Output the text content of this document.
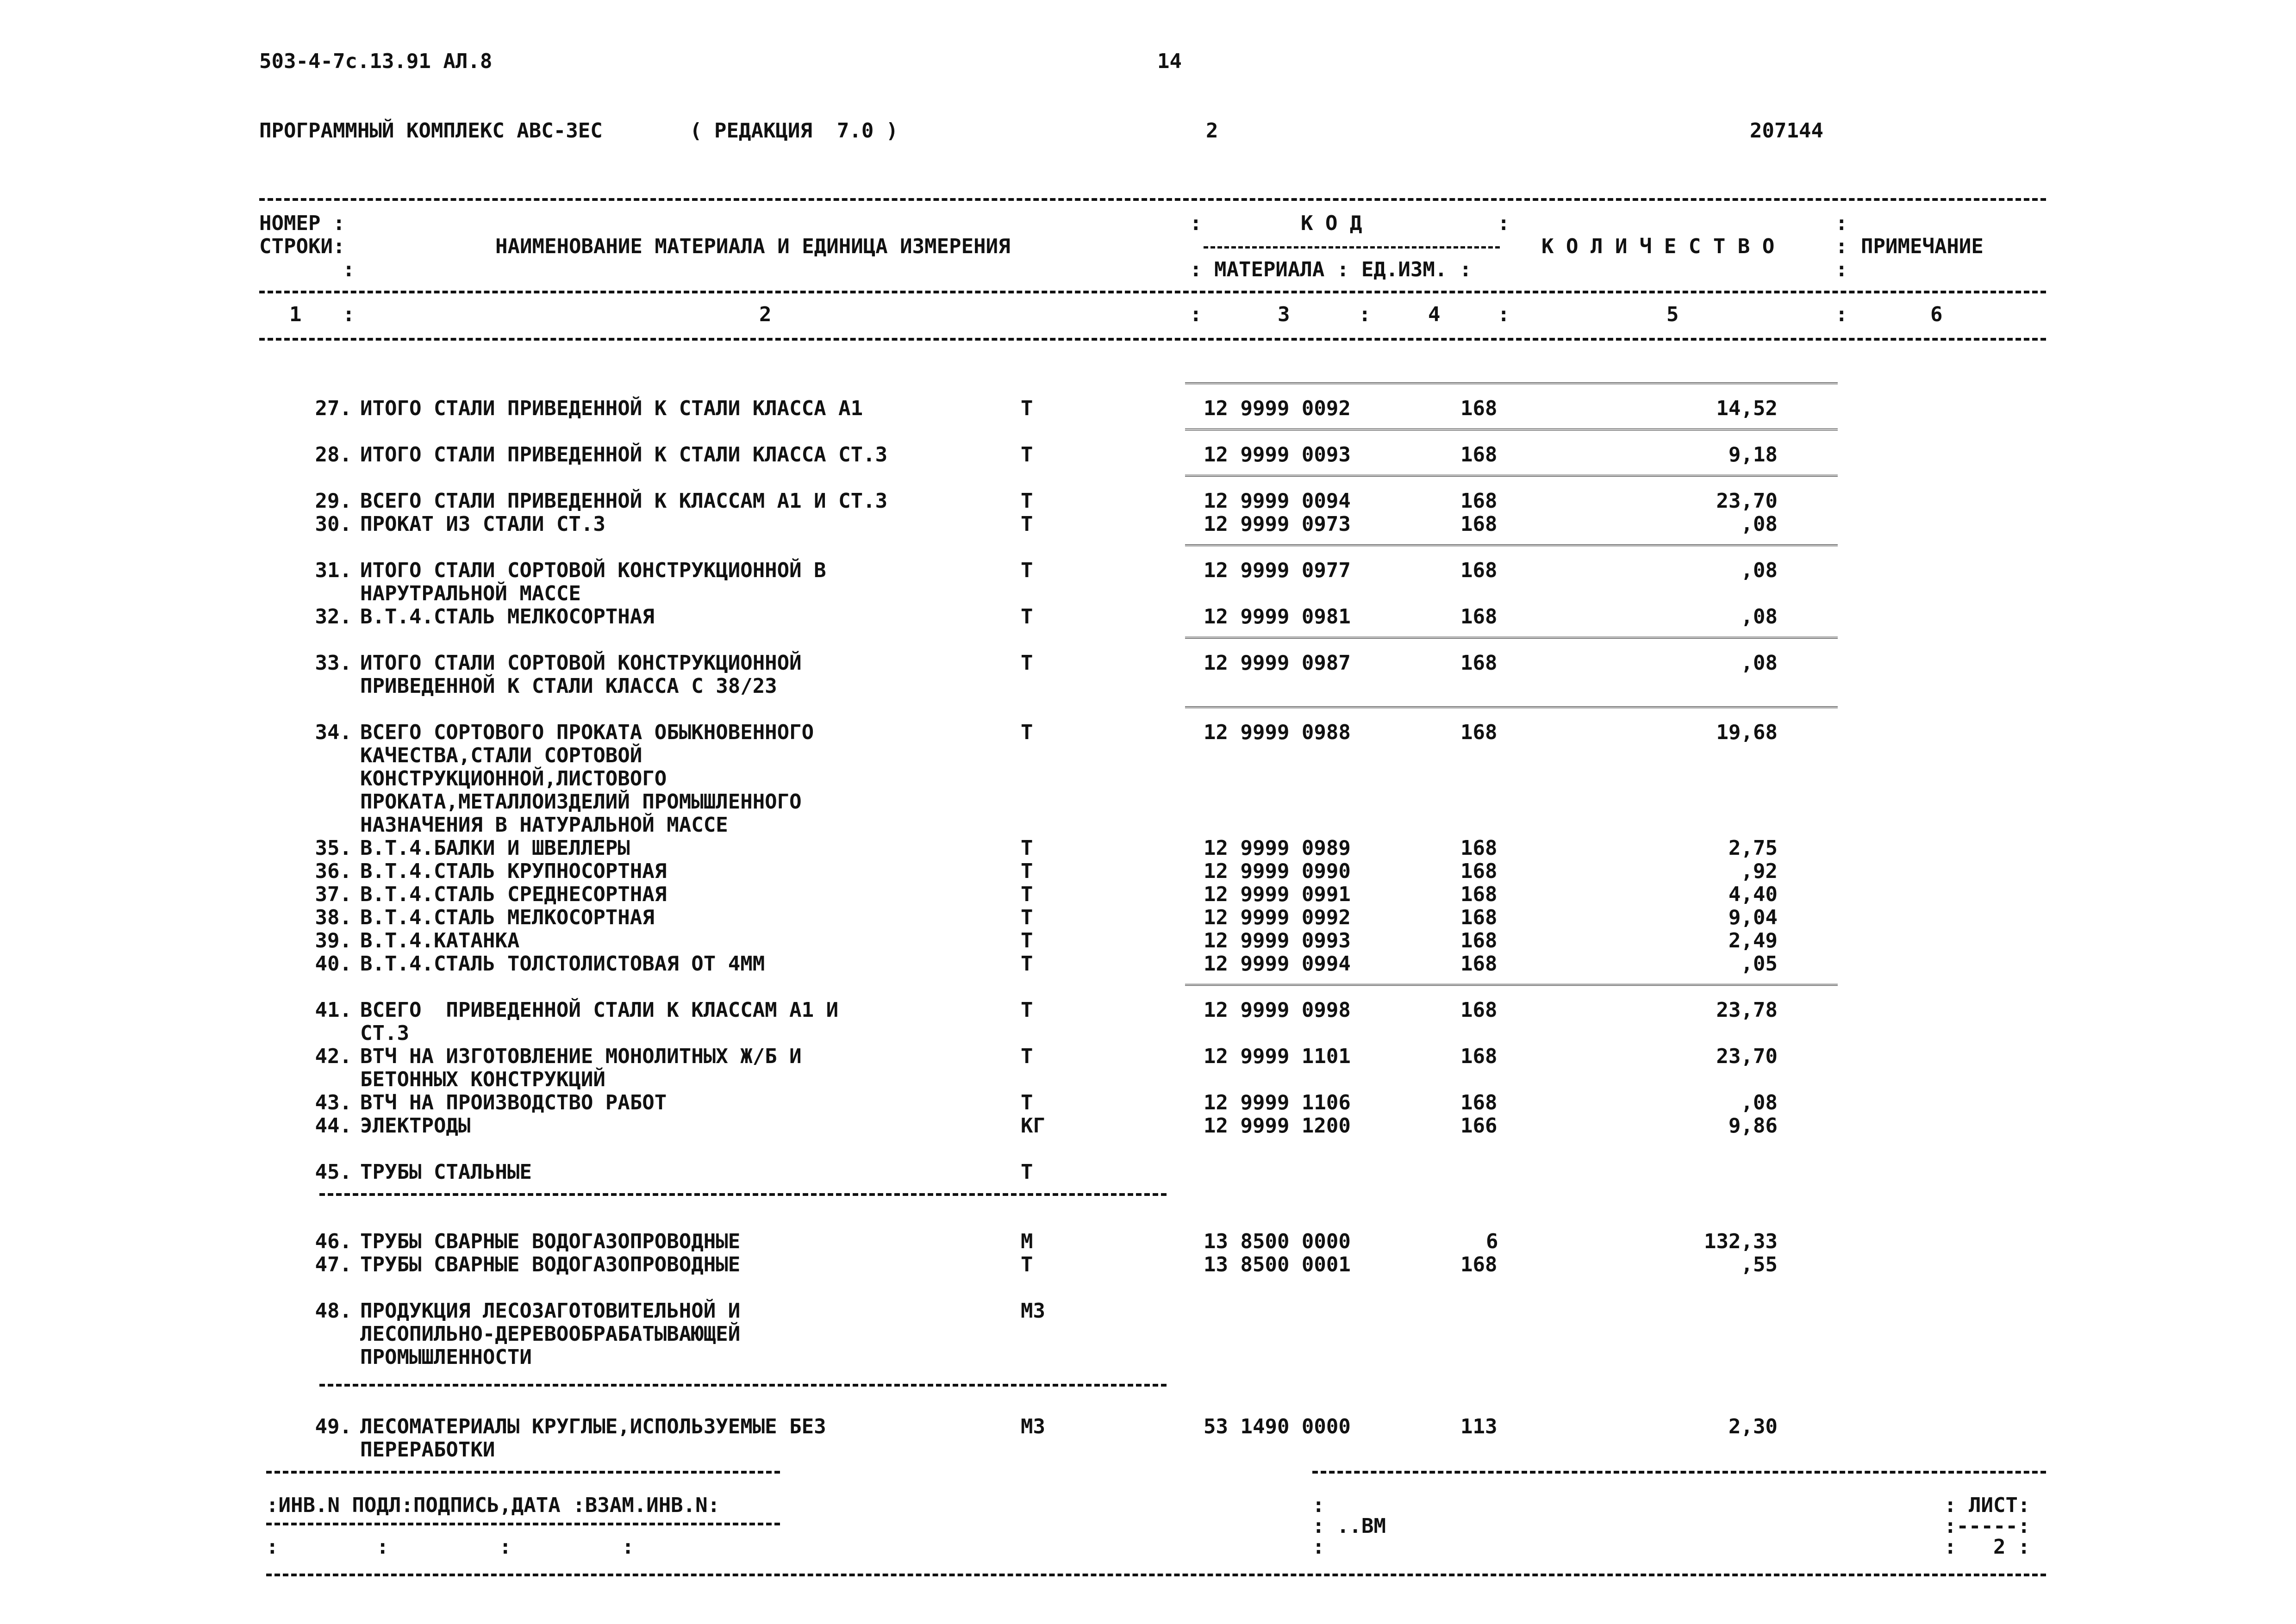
503-4-7с.13.91 АЛ.8	14
ПРОГРАММНЫЙ КОМПЛЕКС АВС-3ЕС	( РЕДАКЦИЯ  7.0 )	2	207144
НОМЕР :
СТРОКИ:
:
НАИМЕНОВАНИЕ МАТЕРИАЛА И ЕДИНИЦА ИЗМЕРЕНИЯ
:	К О Д	:
: МАТЕРИАЛА : ЕД.ИЗМ. :
К О Л И Ч Е С Т В О
:
:
:
ПРИМЕЧАНИЕ
1 :	2	:	3	:	4	:	5	:	6
27. ИТОГО СТАЛИ ПРИВЕДЕННОЙ К СТАЛИ КЛАССА А1	Т	12 9999 0092	168	14,52
28. ИТОГО СТАЛИ ПРИВЕДЕННОЙ К СТАЛИ КЛАССА СТ.3	Т	12 9999 0093	168	9,18
29. ВСЕГО СТАЛИ ПРИВЕДЕННОЙ К КЛАССАМ А1 И СТ.3	Т	12 9999 0094	168	23,70
30. ПРОКАТ ИЗ СТАЛИ СТ.3	Т	12 9999 0973	168	,08
31. ИТОГО СТАЛИ СОРТОВОЙ КОНСТРУКЦИОННОЙ В
НАРУТРАЛЬНОЙ МАССЕ
Т	12 9999 0977	168	,08
32. В.Т.4.СТАЛЬ МЕЛКОСОРТНАЯ	Т	12 9999 0981	168	,08
33. ИТОГО СТАЛИ СОРТОВОЙ КОНСТРУКЦИОННОЙ
ПРИВЕДЕННОЙ К СТАЛИ КЛАССА С 38/23
Т	12 9999 0987	168	,08
34. ВСЕГО СОРТОВОГО ПРОКАТА ОБЫКНОВЕННОГО
КАЧЕСТВА,СТАЛИ СОРТОВОЙ
КОНСТРУКЦИОННОЙ,ЛИСТОВОГО
ПРОКАТА,МЕТАЛЛОИЗДЕЛИЙ ПРОМЫШЛЕННОГО
НАЗНАЧЕНИЯ В НАТУРАЛЬНОЙ МАССЕ
Т	12 9999 0988	168	19,68
35. В.Т.4.БАЛКИ И ШВЕЛЛЕРЫ	Т	12 9999 0989	168	2,75
36. В.Т.4.СТАЛЬ КРУПНОСОРТНАЯ	Т	12 9999 0990	168	,92
37. В.Т.4.СТАЛЬ СРЕДНЕСОРТНАЯ	Т	12 9999 0991	168	4,40
38. В.Т.4.СТАЛЬ МЕЛКОСОРТНАЯ	Т	12 9999 0992	168	9,04
39. В.Т.4.КАТАНКА	Т	12 9999 0993	168	2,49
40. В.Т.4.СТАЛЬ ТОЛСТОЛИСТОВАЯ ОТ 4ММ	Т	12 9999 0994	168	,05
41. ВСЕГО  ПРИВЕДЕННОЙ СТАЛИ К КЛАССАМ А1 И
СТ.3
Т	12 9999 0998	168	23,78
42. ВТЧ НА ИЗГОТОВЛЕНИЕ МОНОЛИТНЫХ Ж/Б И
БЕТОННЫХ КОНСТРУКЦИЙ
Т	12 9999 1101	168	23,70
43. ВТЧ НА ПРОИЗВОДСТВО РАБОТ	Т	12 9999 1106	168	,08
44. ЭЛЕКТРОДЫ	КГ	12 9999 1200	166	9,86
45. ТРУБЫ СТАЛЬНЫЕ	Т
46. ТРУБЫ СВАРНЫЕ ВОДОГАЗОПРОВОДНЫЕ	М	13 8500 0000	6	132,33
47. ТРУБЫ СВАРНЫЕ ВОДОГАЗОПРОВОДНЫЕ	Т	13 8500 0001	168	,55
48. ПРОДУКЦИЯ ЛЕСОЗАГОТОВИТЕЛЬНОЙ И
ЛЕСОПИЛЬНО-ДЕРЕВООБРАБАТЫВАЮЩЕЙ
ПРОМЫШЛЕННОСТИ
М3
49. ЛЕСОМАТЕРИАЛЫ КРУГЛЫЕ,ИСПОЛЬЗУЕМЫЕ БЕЗ
ПЕРЕРАБОТКИ
М3	53 1490 0000	113	2,30
:ИНВ.N ПОДЛ:ПОДПИСЬ,ДАТА :ВЗАМ.ИНВ.N:
:        :         :         :
:
: ..ВМ
:
: ЛИСТ:
:-----:
:   2 :
